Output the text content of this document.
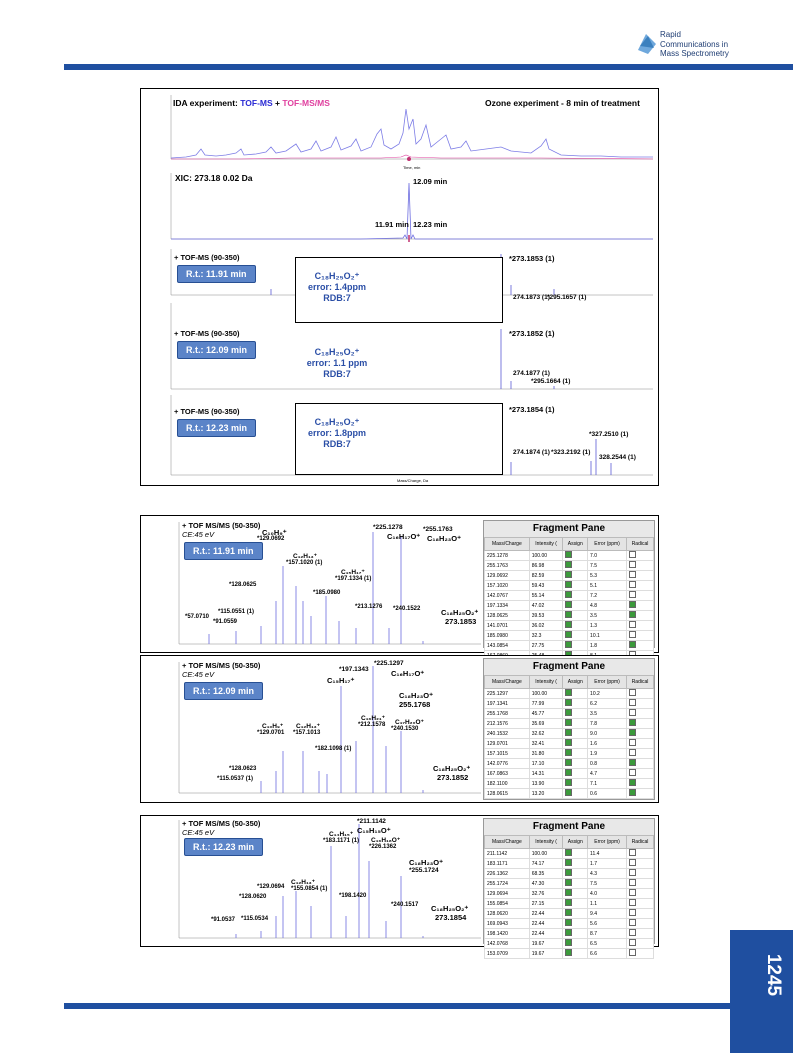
Rapid
Communications in
Mass Spectrometry
1245
IDA experiment: TOF-MS + TOF-MS/MS	Ozone experiment - 8 min of treatment
Time, min
XIC: 273.18 0.02 Da	12.09 min
11.91 min 12.23 min
+ TOF-MS (90-350)
R.t.: 11.91 min	C₁₈H₂₅O₂⁺
error: 1.4ppm
RDB:7
*273.1853 (1)
274.1873 (1)
*295.1657 (1)
+ TOF-MS (90-350)
R.t.: 12.09 min	C₁₈H₂₅O₂⁺
error: 1.1 ppm
RDB:7
*273.1852 (1)
274.1877 (1)
*295.1664 (1)
+ TOF-MS (90-350)
R.t.: 12.23 min
C₁₈H₂₅O₂⁺
error: 1.8ppm
RDB:7
*273.1854 (1)
274.1874 (1) *323.2192 (1)
*327.2510 (1)
328.2544 (1)
Mass/Charge, Da
+ TOF MS/MS (50-350)
CE:45 eV
R.t.: 11.91 min
C₁₀H₉⁺
*129.0692
C₁₂H₁₃⁺
*157.1020 (1)
C₁₅H₁₇⁺
*197.1334 (1)
*128.0625
*185.0980
*115.0551 (1)
*213.1276 *240.1522
*57.0710
*91.0559
*225.1278
C₁₆H₁₇O⁺
*255.1763
C₁₈H₂₃O⁺
C₁₈H₂₅O₂⁺
273.1853
Fragment Pane
Mass/Charge	Intensity (	Assign	Error (ppm)	Radical
225.1278	100.00		7.0	
255.1763	86.98		7.5	
129.0692	82.59		5.3	
157.1020	59.43		5.1	
142.0767	55.14		7.2	
197.1334	47.02		4.8	
128.0625	39.53		3.5	
141.0701	36.02		1.3	
185.0980	32.3		10.1	
143.0854	27.75		1.8	

+ TOF MS/MS (50-350)
CE:45 eV
R.t.: 12.09 min
*197.1343
C₁₅H₁₇⁺
*225.1297
C₁₆H₁₇O⁺
C₁₈H₂₃O⁺
255.1768
C₁₆H₂₁⁺
*212.1578 C₁₇H₂₀O⁺
*240.1530
C₁₀H₉⁺
*129.0701
C₁₂H₁₃⁺
*157.1013
*182.1098 (1)
*128.0623
*115.0537 (1)
C₁₈H₂₅O₂⁺
273.1852
Fragment Pane
Mass/Charge	Intensity (	Assign	Error (ppm)	Radical
225.1297	100.00		10.2	
197.1341	77.99		6.2	
255.1768	45.77		3.5	
212.1576	35.69		7.8	
240.1532	32.62		9.0	
129.0701	32.41		1.6	
157.1015	31.80		1.9	
142.0776	17.10		0.8	
167.0863	14.31		4.7	
182.1100	13.90		7.1	
128.0615	13.20		0.6	
+ TOF MS/MS (50-350)
CE:45 eV
R.t.: 12.23 min
*211.1142
C₁₅H₁₅O⁺
C₁₄H₁₅⁺
*183.1171 (1) C₁₆H₁₈O⁺
*226.1362
C₁₈H₂₃O⁺
*255.1724
C₁₂H₁₃⁺
*129.0694 *155.0854 (1)
*128.0620	*198.1420
*240.1517
*91.0537 *115.0534
C₁₈H₂₅O₂⁺
273.1854
Fragment Pane
Mass/Charge	Intensity (	Assign	Error (ppm)	Radical
211.1142	100.00		11.4	
183.1171	74.17		1.7	
226.1362	68.35		4.3	
255.1724	47.30		7.5	
129.0694	32.76		4.0	
155.0854	27.15		1.1	
128.0620	22.44		9.4	
169.0943	22.44		5.6	
198.1420	22.44		8.7	
142.0768	19.67		6.5	
153.0709	19.67		6.6	
